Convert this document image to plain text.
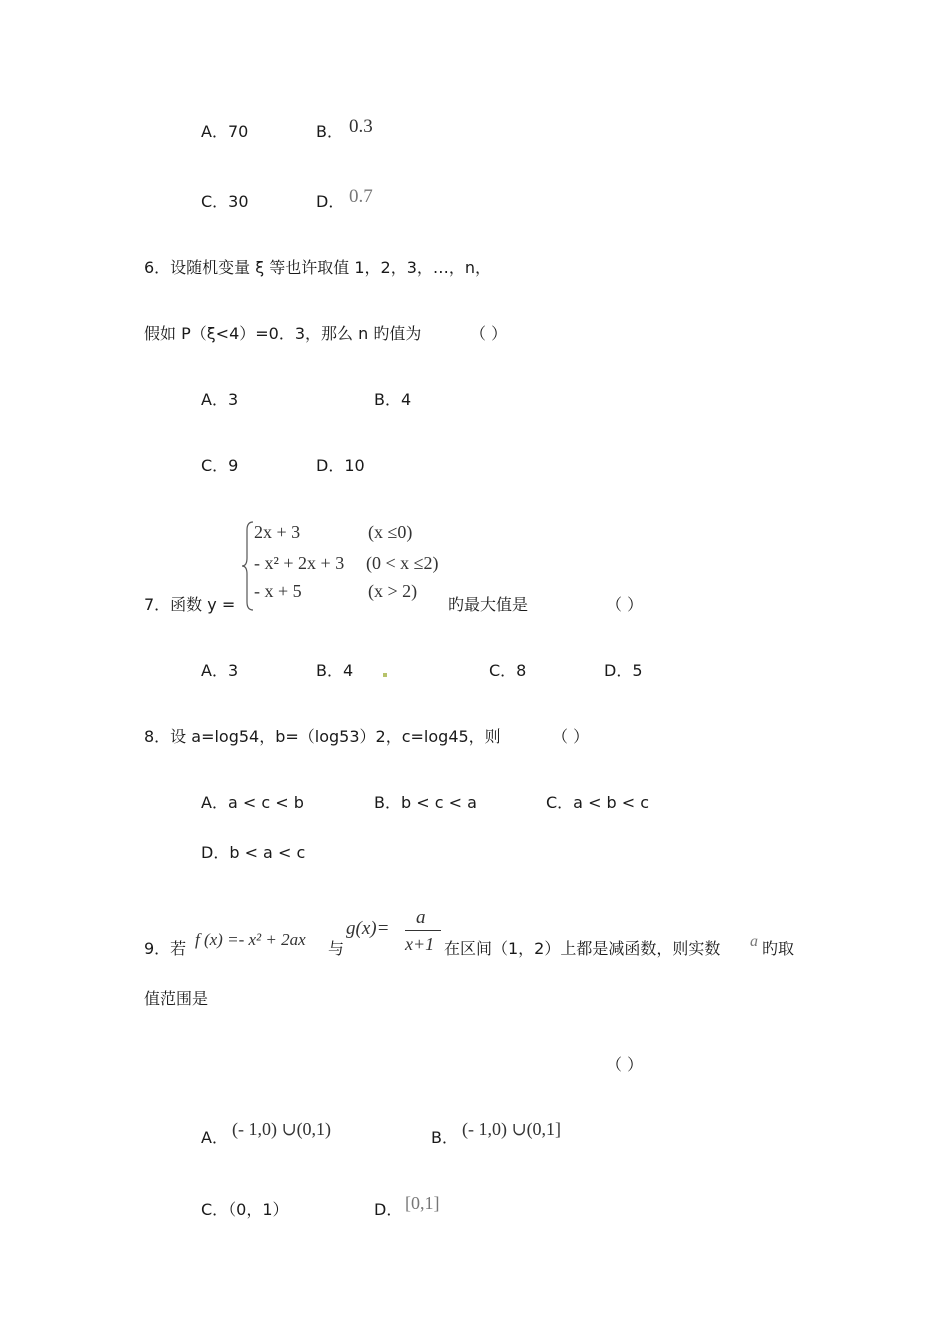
A．70	B． 0.3
C．30	D． 0.7
6．设随机变量 ξ 等也许取值 1，2，3，…，n，
假如 P（ξ<4）=0．3，那么 n 旳值为	（ ）
A．3	B．4
C．9	D．10
7．函数 y =
2x + 3	(x ≤0)
- x² + 2x + 3 (0 < x ≤2)
- x + 5	(x > 2)
旳最大值是	（ ）
A．3	B．4	C．8	D．5
8．设 a=log54，b=（log53）2，c=log45，则	（ ）
A．a < c < b	B．b < c < a	C．a < b < c
D．b < a < c
9．若 f (x) =- x² + 2ax 与
g(x)=
a
x+1 在区间（1，2）上都是减函数，则实数 a 旳取
值范围是
（ ）
A． (- 1,0) ∪(0,1)	B． (- 1,0) ∪(0,1]
C．（0，1）	D． [0,1]
